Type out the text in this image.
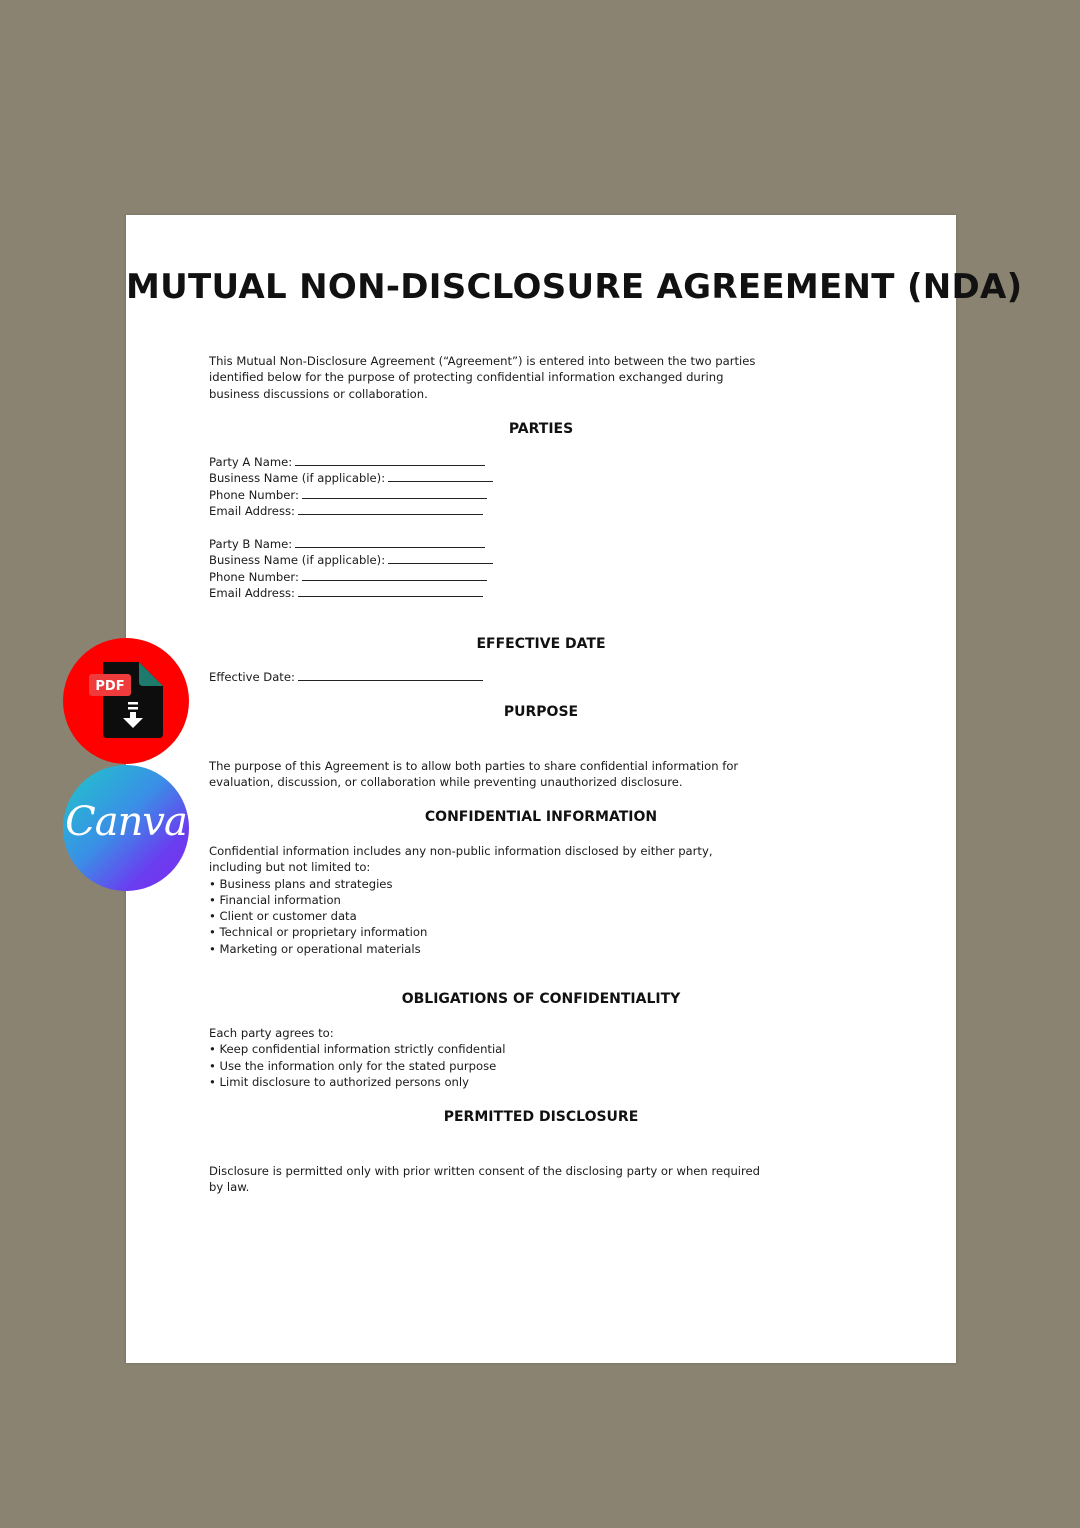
MUTUAL NON-DISCLOSURE AGREEMENT (NDA)
This Mutual Non-Disclosure Agreement (“Agreement”) is entered into between the two parties
identified below for the purpose of protecting confidential information exchanged during
business discussions or collaboration.
PARTIES
Party A Name:
Business Name (if applicable):
Phone Number:
Email Address:
Party B Name:
Business Name (if applicable):
Phone Number:
Email Address:
EFFECTIVE DATE
Effective Date:
PURPOSE
The purpose of this Agreement is to allow both parties to share confidential information for
evaluation, discussion, or collaboration while preventing unauthorized disclosure.
CONFIDENTIAL INFORMATION
Confidential information includes any non-public information disclosed by either party,
including but not limited to:
• Business plans and strategies
• Financial information
• Client or customer data
• Technical or proprietary information
• Marketing or operational materials
OBLIGATIONS OF CONFIDENTIALITY
Each party agrees to:
• Keep confidential information strictly confidential
• Use the information only for the stated purpose
• Limit disclosure to authorized persons only
PERMITTED DISCLOSURE
Disclosure is permitted only with prior written consent of the disclosing party or when required
by law.
PDF
Canva
